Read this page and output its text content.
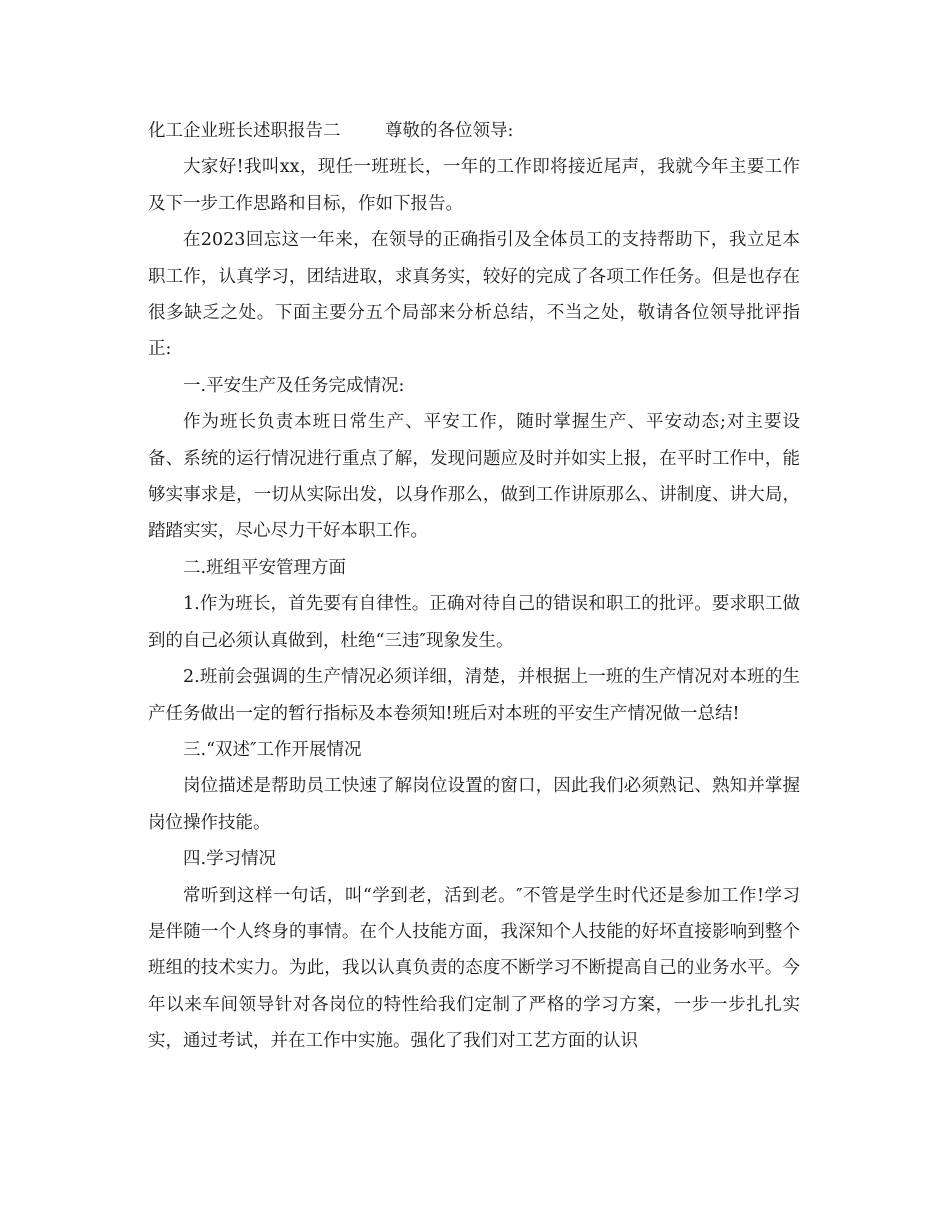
化工企业班长述职报告二	尊敬的各位领导:

大家好!我叫xx，现任一班班长，一年的工作即将接近尾声，我就今年主要工作及下一步工作思路和目标，作如下报告。

在2023回忘这一年来，在领导的正确指引及全体员工的支持帮助下，我立足本职工作，认真学习，团结进取，求真务实，较好的完成了各项工作任务。但是也存在很多缺乏之处。下面主要分五个局部来分析总结，不当之处，敬请各位领导批评指正:

一.平安生产及任务完成情况:

作为班长负责本班日常生产、平安工作，随时掌握生产、平安动态;对主要设备、系统的运行情况进行重点了解，发现问题应及时并如实上报，在平时工作中，能够实事求是，一切从实际出发，以身作那么，做到工作讲原那么、讲制度、讲大局，踏踏实实，尽心尽力干好本职工作。

二.班组平安管理方面

1.作为班长，首先要有自律性。正确对待自己的错误和职工的批评。要求职工做到的自己必须认真做到，杜绝“三违″现象发生。

2.班前会强调的生产情况必须详细，清楚，并根据上一班的生产情况对本班的生产任务做出一定的暂行指标及本卷须知!班后对本班的平安生产情况做一总结!

三.“双述″工作开展情况

岗位描述是帮助员工快速了解岗位设置的窗口，因此我们必须熟记、熟知并掌握岗位操作技能。

四.学习情况

常听到这样一句话，叫“学到老，活到老。″不管是学生时代还是参加工作!学习是伴随一个人终身的事情。在个人技能方面，我深知个人技能的好坏直接影响到整个班组的技术实力。为此，我以认真负责的态度不断学习不断提高自己的业务水平。今年以来车间领导针对各岗位的特性给我们定制了严格的学习方案，一步一步扎扎实实，通过考试，并在工作中实施。强化了我们对工艺方面的认识
